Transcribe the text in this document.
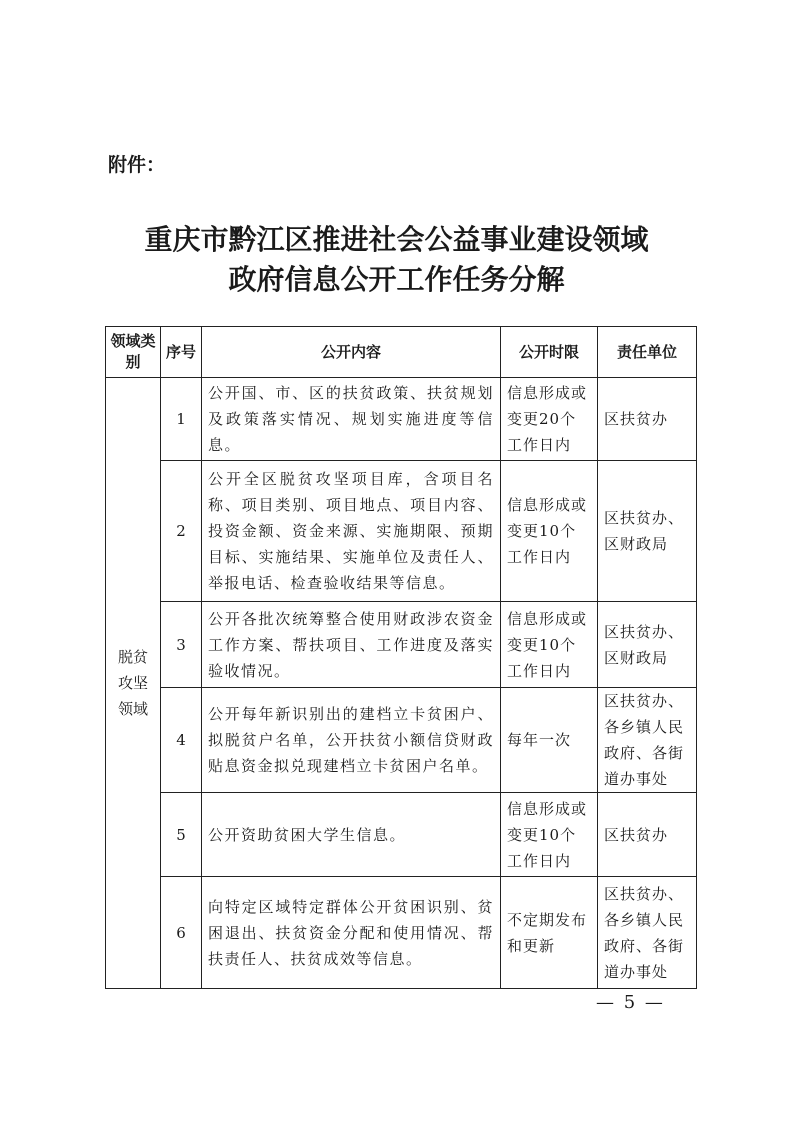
附件：
重庆市黔江区推进社会公益事业建设领域
政府信息公开工作任务分解
领域类别	序号	公开内容	公开时限	责任单位
脱贫攻坚领域	1	公开国、市、区的扶贫政策、扶贫规划及政策落实情况、规划实施进度等信息。	信息形成或变更20个工作日内	区扶贫办
	2	公开全区脱贫攻坚项目库，含项目名称、项目类别、项目地点、项目内容、投资金额、资金来源、实施期限、预期目标、实施结果、实施单位及责任人、举报电话、检查验收结果等信息。	信息形成或变更10个工作日内	区扶贫办、区财政局
	3	公开各批次统筹整合使用财政涉农资金工作方案、帮扶项目、工作进度及落实验收情况。	信息形成或变更10个工作日内	区扶贫办、区财政局
	4	公开每年新识别出的建档立卡贫困户、拟脱贫户名单，公开扶贫小额信贷财政贴息资金拟兑现建档立卡贫困户名单。	每年一次	区扶贫办、各乡镇人民政府、各街道办事处
	5	公开资助贫困大学生信息。	信息形成或变更10个工作日内	区扶贫办
	6	向特定区域特定群体公开贫困识别、贫困退出、扶贫资金分配和使用情况、帮扶责任人、扶贫成效等信息。	不定期发布和更新	区扶贫办、各乡镇人民政府、各街道办事处
— 5 —
